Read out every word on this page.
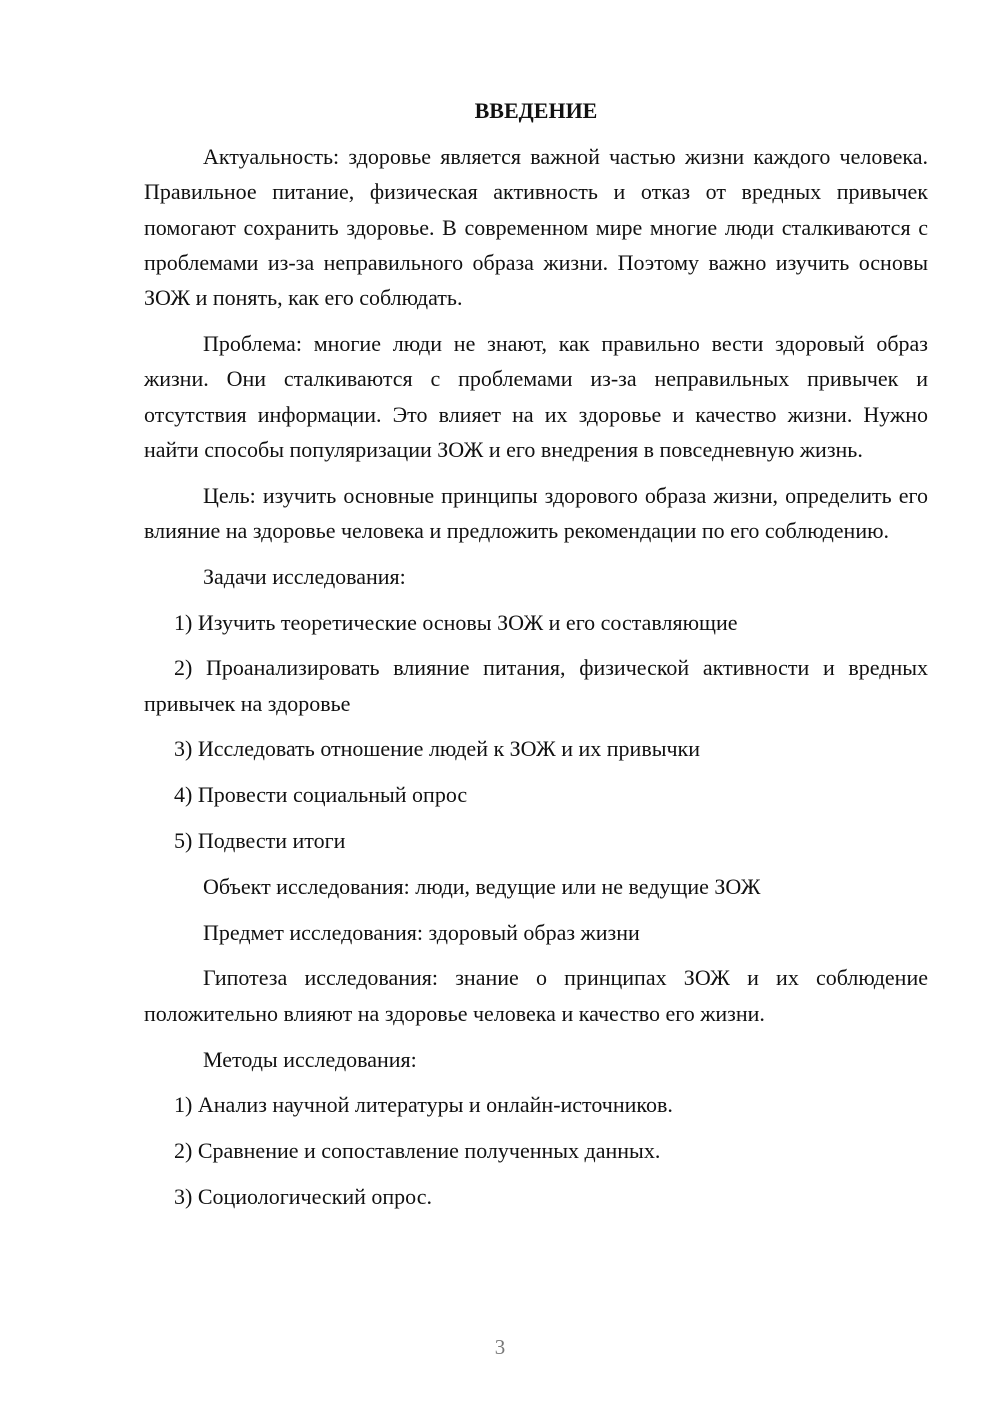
ВВЕДЕНИЕ

Актуальность: здоровье является важной частью жизни каждого человека. Правильное питание, физическая активность и отказ от вредных привычек помогают сохранить здоровье. В современном мире многие люди сталкиваются с проблемами из-за неправильного образа жизни. Поэтому важно изучить основы ЗОЖ и понять, как его соблюдать.

Проблема: многие люди не знают, как правильно вести здоровый образ жизни. Они сталкиваются с проблемами из-за неправильных привычек и отсутствия информации. Это влияет на их здоровье и качество жизни. Нужно найти способы популяризации ЗОЖ и его внедрения в повседневную жизнь.

Цель: изучить основные принципы здорового образа жизни, определить его влияние на здоровье человека и предложить рекомендации по его соблюдению.

Задачи исследования:

1) Изучить теоретические основы ЗОЖ и его составляющие

2) Проанализировать влияние питания, физической активности и вредных привычек на здоровье

3) Исследовать отношение людей к ЗОЖ и их привычки

4) Провести социальный опрос

5) Подвести итоги

Объект исследования: люди, ведущие или не ведущие ЗОЖ

Предмет исследования: здоровый образ жизни

Гипотеза исследования: знание о принципах ЗОЖ и их соблюдение положительно влияют на здоровье человека и качество его жизни.

Методы исследования:

1) Анализ научной литературы и онлайн-источников.

2) Сравнение и сопоставление полученных данных.

3) Социологический опрос.

3
